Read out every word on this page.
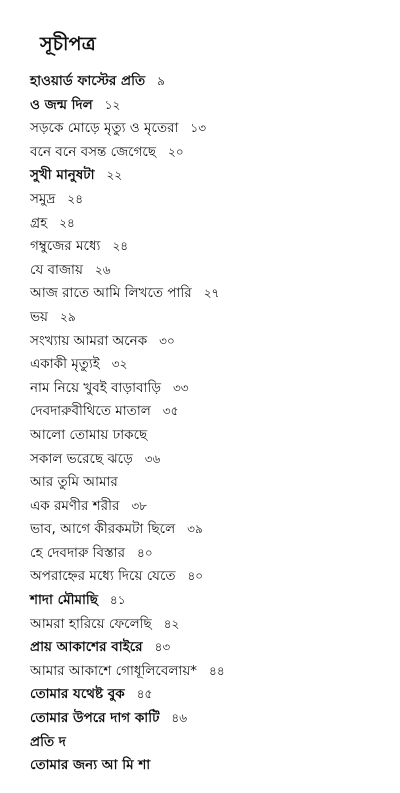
সূচীপত্র
হাওয়ার্ড ফাস্টের প্রতি ৯
ও জন্ম দিল ১২
সড়কে মোড়ে মৃত্যু ও মৃতেরা ১৩
বনে বনে বসন্ত জেগেছে ২০
সুখী মানুষটা ২২
সমুদ্র ২৪
গ্রহ ২৪
গম্বুজের মধ্যে ২৪
যে বাজায় ২৬
আজ রাতে আমি লিখতে পারি ২৭
ভয় ২৯
সংখ্যায় আমরা অনেক ৩০
একাকী মৃত্যুই ৩২
নাম নিয়ে খুবই বাড়াবাড়ি ৩৩
দেবদারুবীথিতে মাতাল ৩৫
আলো তোমায় ঢাকছে
সকাল ভরেছে ঝড়ে ৩৬
আর তুমি আমার
এক রমণীর শরীর ৩৮
ভাব, আগে কীরকমটা ছিলে ৩৯
হে দেবদারু বিস্তার ৪০
অপরাহ্নের মধ্যে দিয়ে যেতে ৪০
শাদা মৌমাছি ৪১
আমরা হারিয়ে ফেলেছি ৪২
প্রায় আকাশের বাইরে ৪৩
আমার আকাশে গোধূলিবেলায়* ৪৪
তোমার যথেষ্ট বুক ৪৫
তোমার উপরে দাগ কাটি ৪৬
প্রতি দ
তোমার জন্য আ মি শা
